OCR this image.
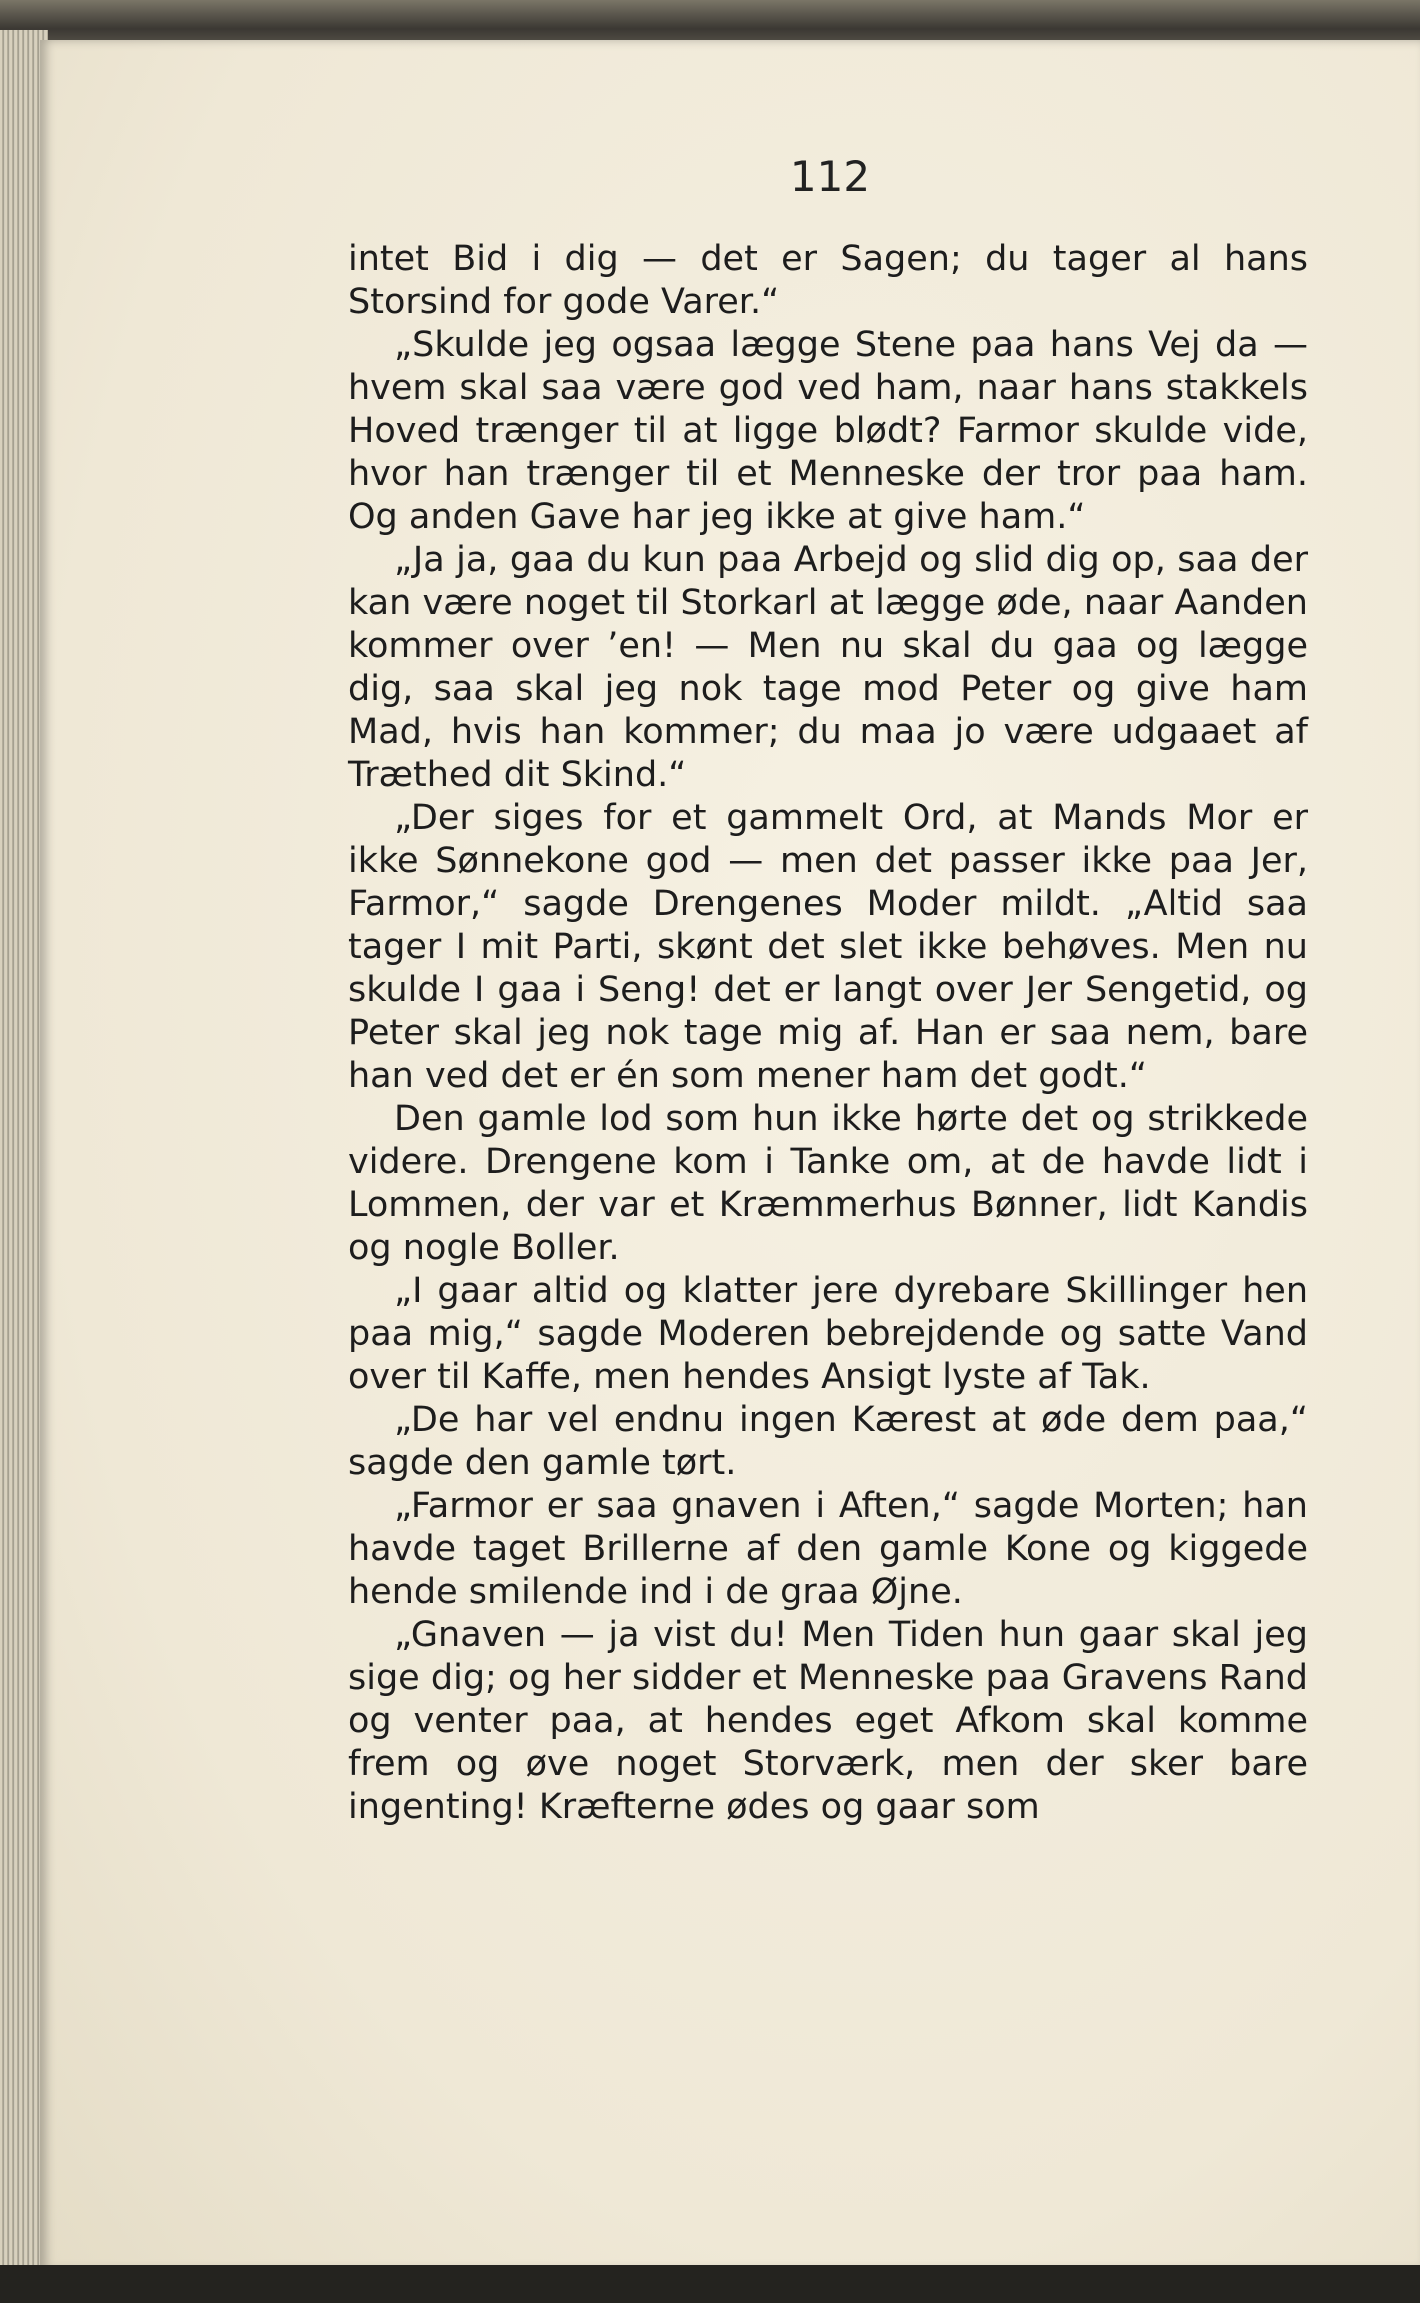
112

intet Bid i dig — det er Sagen; du tager al hans Storsind for gode Varer.“

„Skulde jeg ogsaa lægge Stene paa hans Vej da — hvem skal saa være god ved ham, naar hans stakkels Hoved trænger til at ligge blødt? Farmor skulde vide, hvor han trænger til et Menneske der tror paa ham. Og anden Gave har jeg ikke at give ham.“

„Ja ja, gaa du kun paa Arbejd og slid dig op, saa der kan være noget til Storkarl at lægge øde, naar Aanden kommer over ’en! — Men nu skal du gaa og lægge dig, saa skal jeg nok tage mod Peter og give ham Mad, hvis han kommer; du maa jo være udgaaet af Træthed dit Skind.“

„Der siges for et gammelt Ord, at Mands Mor er ikke Sønnekone god — men det passer ikke paa Jer, Farmor,“ sagde Drengenes Moder mildt. „Altid saa tager I mit Parti, skønt det slet ikke behøves. Men nu skulde I gaa i Seng! det er langt over Jer Sengetid, og Peter skal jeg nok tage mig af. Han er saa nem, bare han ved det er én som mener ham det godt.“

Den gamle lod som hun ikke hørte det og strikkede videre. Drengene kom i Tanke om, at de havde lidt i Lommen, der var et Kræmmerhus Bønner, lidt Kandis og nogle Boller.

„I gaar altid og klatter jere dyrebare Skillinger hen paa mig,“ sagde Moderen bebrejdende og satte Vand over til Kaffe, men hendes Ansigt lyste af Tak.

„De har vel endnu ingen Kærest at øde dem paa,“ sagde den gamle tørt.

„Farmor er saa gnaven i Aften,“ sagde Morten; han havde taget Brillerne af den gamle Kone og kiggede hende smilende ind i de graa Øjne.

„Gnaven — ja vist du! Men Tiden hun gaar skal jeg sige dig; og her sidder et Menneske paa Gravens Rand og venter paa, at hendes eget Afkom skal komme frem og øve noget Storværk, men der sker bare ingenting! Kræfterne ødes og gaar som
